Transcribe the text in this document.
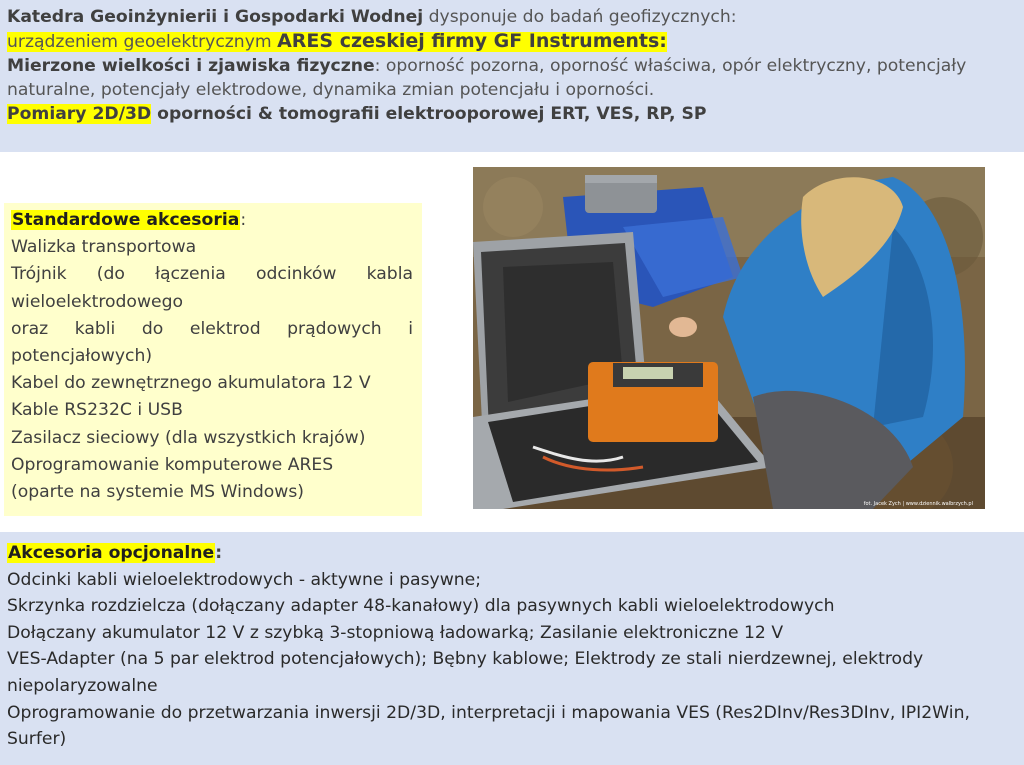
Katedra Geoinżynierii i Gospodarki Wodnej dysponuje do badań geofizycznych:

urządzeniem geoelektrycznym ARES czeskiej firmy GF Instruments:

Mierzone wielkości i zjawiska fizyczne: oporność pozorna, oporność właściwa, opór elektryczny, potencjały naturalne, potencjały elektrodowe, dynamika zmian potencjału i oporności.

Pomiary 2D/3D oporności & tomografii elektrooporowej ERT, VES, RP, SP

Standardowe akcesoria:
Walizka transportowa
Trójnik (do łączenia odcinków kabla wieloelektrodowego
oraz kabli do elektrod prądowych i potencjałowych)
Kabel do zewnętrznego akumulatora 12 V
Kable RS232C i USB
Zasilacz sieciowy (dla wszystkich krajów)
Oprogramowanie komputerowe ARES
(oparte na systemie MS Windows)
fot. Jacek Zych | www.dziennik.walbrzych.pl
Akcesoria opcjonalne:
Odcinki kabli wieloelektrodowych - aktywne i pasywne;
Skrzynka rozdzielcza (dołączany adapter 48-kanałowy) dla pasywnych kabli wieloelektrodowych
Dołączany akumulator 12 V z szybką 3-stopniową ładowarką; Zasilanie elektroniczne 12 V
VES-Adapter (na 5 par elektrod potencjałowych); Bębny kablowe; Elektrody ze stali nierdzewnej, elektrody niepolaryzowalne
Oprogramowanie do przetwarzania inwersji 2D/3D, interpretacji i mapowania VES (Res2DInv/Res3DInv, IPI2Win, Surfer)
